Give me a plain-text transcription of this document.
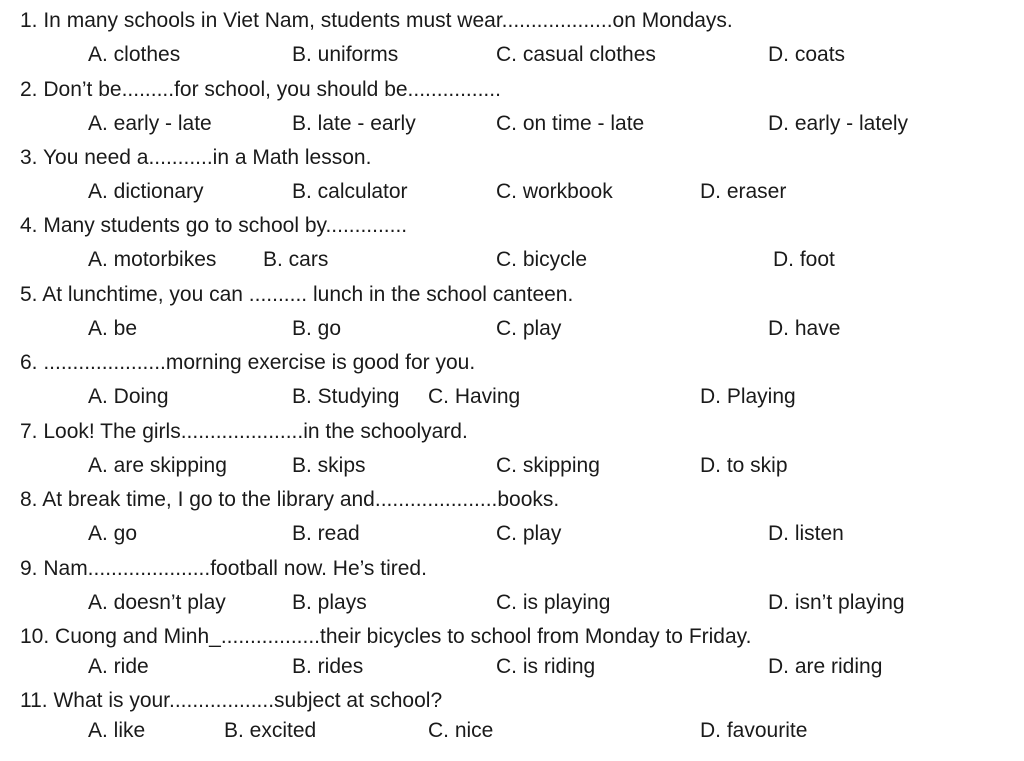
1. In many schools in Viet Nam, students must wear...................on Mondays.
A. clothes	B. uniforms	C. casual clothes	D. coats
2. Don’t be.........for school, you should be................
A. early - late	B. late - early	C. on time - late	D. early - lately
3. You need a...........in a Math lesson.
A. dictionary	B. calculator	C. workbook	D. eraser
4. Many students go to school by..............
A. motorbikes B. cars	C. bicycle	D. foot
5. At lunchtime, you can .......... lunch in the school canteen.
A. be	B. go	C. play	D. have
6. .....................morning exercise is good for you.
A. Doing	B. Studying C. Having	D. Playing
7. Look! The girls.....................in the schoolyard.
A. are skipping	B. skips	C. skipping	D. to skip
8. At break time, I go to the library and.....................books.
A. go	B. read	C. play	D. listen
9. Nam.....................football now. He’s tired.
A. doesn’t play	B. plays	C. is playing	D. isn’t playing
10. Cuong and Minh_.................their bicycles to school from Monday to Friday.
A. ride	B. rides	C. is riding	D. are riding
11. What is your..................subject at school?
A. like	B. excited	C. nice	D. favourite
